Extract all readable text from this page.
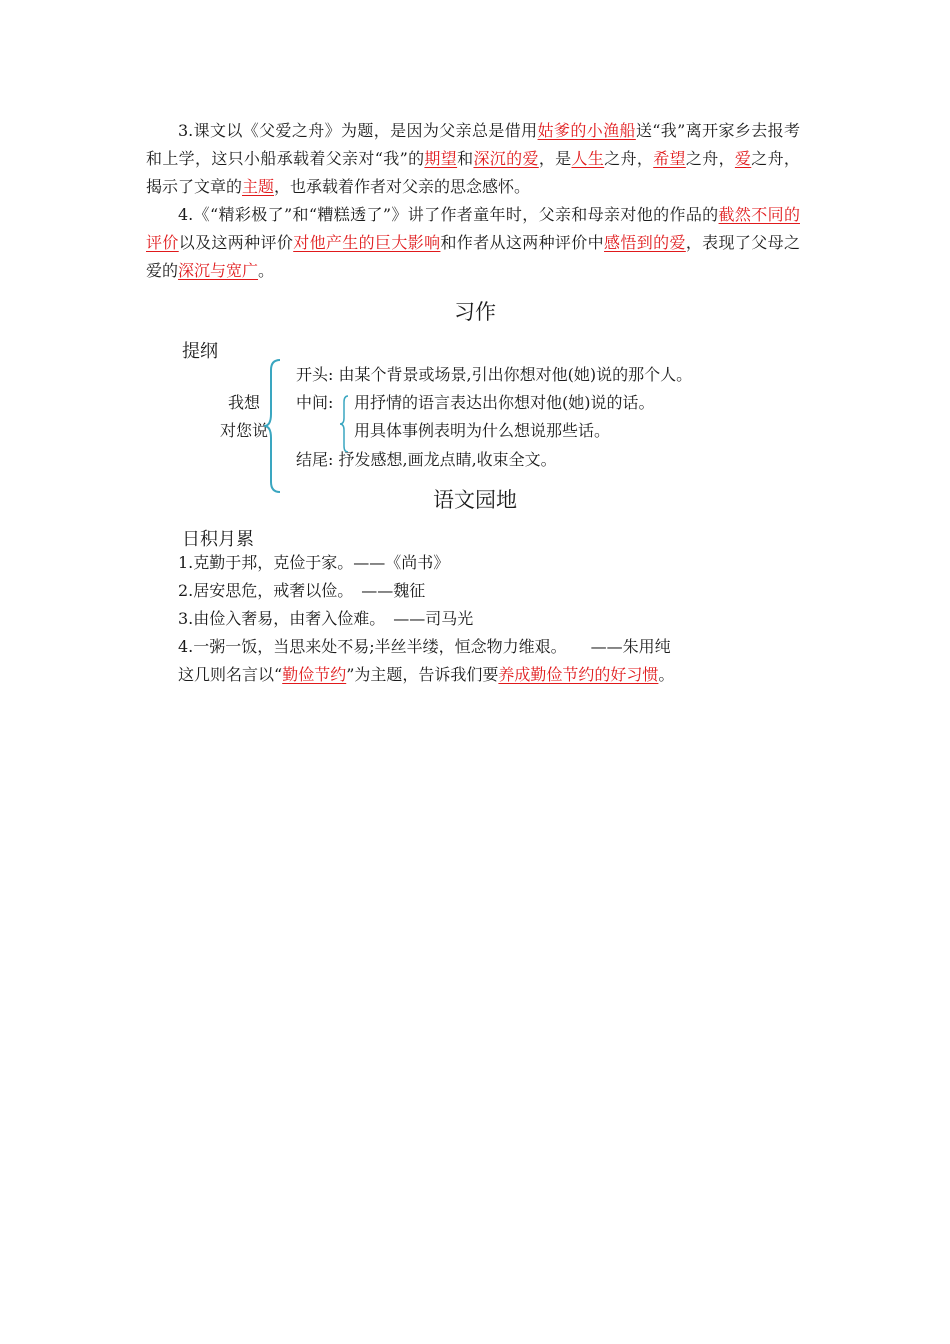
3.课文以《父爱之舟》为题，是因为父亲总是借用姑爹的小渔船送“我”离开家乡去报考和上学，这只小船承载着父亲对“我”的期望和深沉的爱，是人生之舟，希望之舟，爱之舟，揭示了文章的主题，也承载着作者对父亲的思念感怀。
4.《“精彩极了”和“糟糕透了”》讲了作者童年时，父亲和母亲对他的作品的截然不同的评价以及这两种评价对他产生的巨大影响和作者从这两种评价中感悟到的爱，表现了父母之爱的深沉与宽广。
习作
提纲
我想
对您说
开头: 由某个背景或场景,引出你想对他(她)说的那个人。
中间: 用抒情的语言表达出你想对他(她)说的话。
用具体事例表明为什么想说那些话。
结尾: 抒发感想,画龙点睛,收束全文。
语文园地
日积月累
1.克勤于邦，克俭于家。——《尚书》
2.居安思危，戒奢以俭。　——魏征
3.由俭入奢易，由奢入俭难。　——司马光
4.一粥一饭，当思来处不易;半丝半缕，恒念物力维艰。　　——朱用纯
这几则名言以“勤俭节约”为主题，告诉我们要养成勤俭节约的好习惯。
